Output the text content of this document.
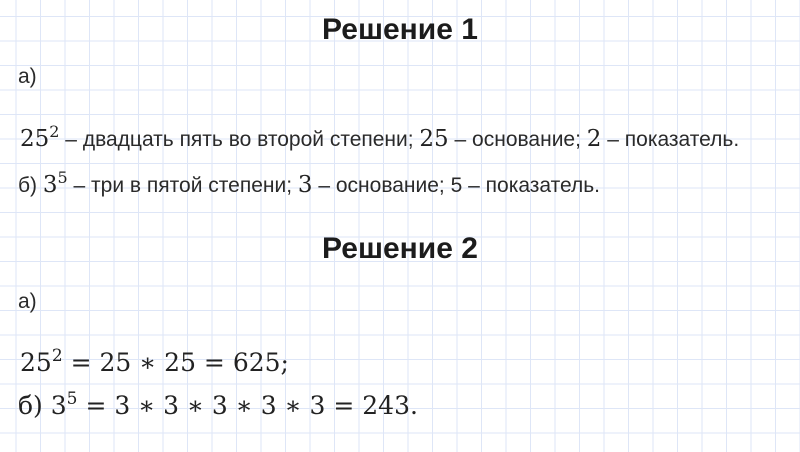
Решение 1
а)
252 – двадцать пять во второй степени; 25 – основание; 2 – показатель.
б) 35 – три в пятой степени; 3 – основание; 5 – показатель.
Решение 2
а)
252 = 25 ∗ 25 = 625;
б) 35 = 3 ∗ 3 ∗ 3 ∗ 3 ∗ 3 = 243.
